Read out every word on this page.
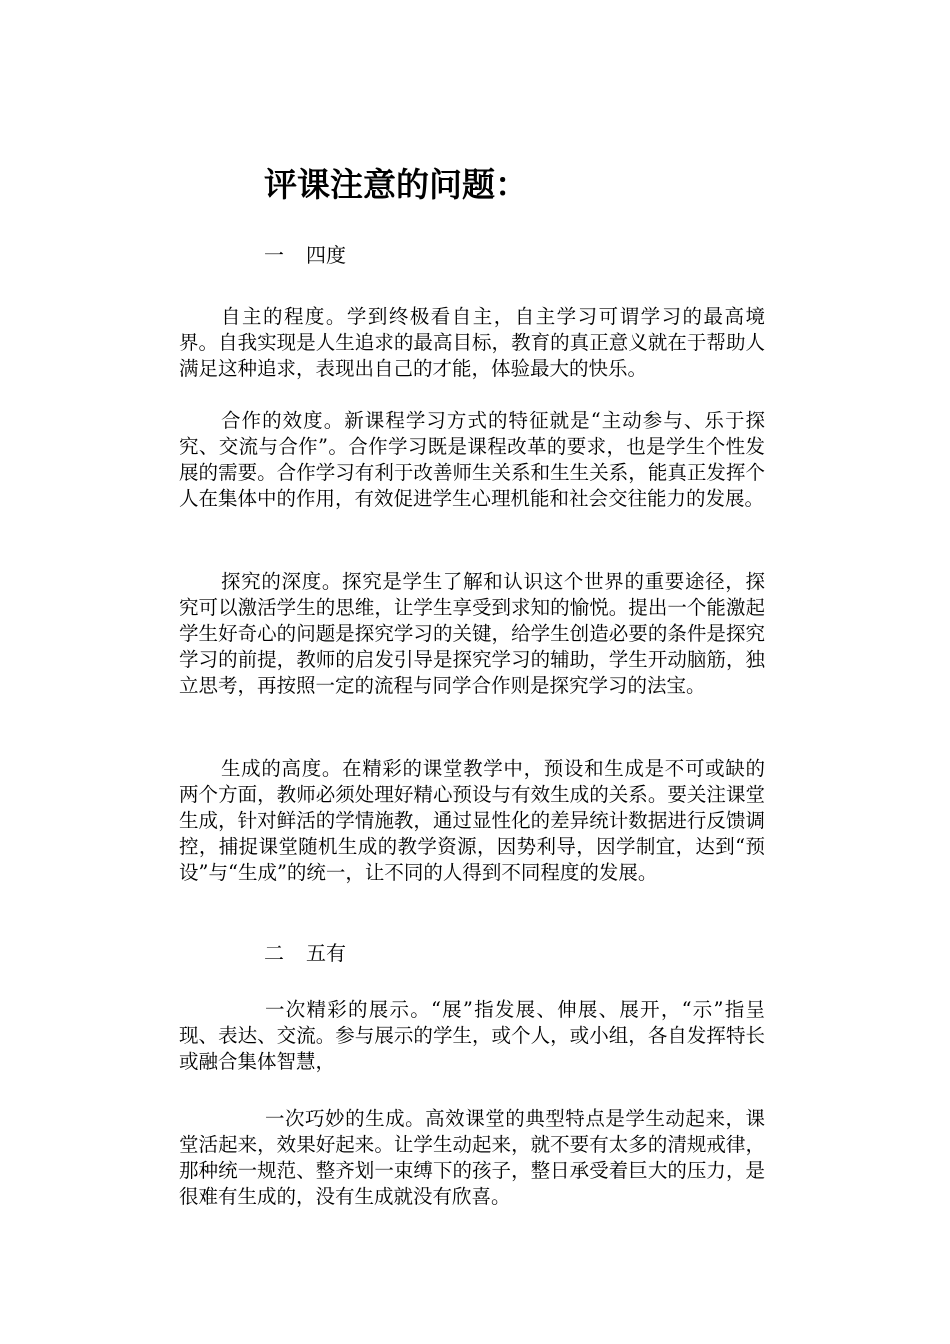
评课注意的问题：
一 四度

自主的程度。学到终极看自主，自主学习可谓学习的最高境界。自我实现是人生追求的最高目标，教育的真正意义就在于帮助人满足这种追求，表现出自己的才能，体验最大的快乐。

合作的效度。新课程学习方式的特征就是“主动参与、乐于探究、交流与合作”。合作学习既是课程改革的要求，也是学生个性发展的需要。合作学习有利于改善师生关系和生生关系，能真正发挥个人在集体中的作用，有效促进学生心理机能和社会交往能力的发展。

探究的深度。探究是学生了解和认识这个世界的重要途径，探究可以激活学生的思维，让学生享受到求知的愉悦。提出一个能激起学生好奇心的问题是探究学习的关键，给学生创造必要的条件是探究学习的前提，教师的启发引导是探究学习的辅助，学生开动脑筋，独立思考，再按照一定的流程与同学合作则是探究学习的法宝。

生成的高度。在精彩的课堂教学中，预设和生成是不可或缺的两个方面，教师必须处理好精心预设与有效生成的关系。要关注课堂生成，针对鲜活的学情施教，通过显性化的差异统计数据进行反馈调控，捕捉课堂随机生成的教学资源，因势利导，因学制宜，达到“预设”与“生成”的统一，让不同的人得到不同程度的发展。

二 五有

一次精彩的展示。“展”指发展、伸展、展开，“示”指呈现、表达、交流。参与展示的学生，或个人，或小组，各自发挥特长或融合集体智慧，

一次巧妙的生成。高效课堂的典型特点是学生动起来，课堂活起来，效果好起来。让学生动起来，就不要有太多的清规戒律，那种统一规范、整齐划一束缚下的孩子，整日承受着巨大的压力，是很难有生成的，没有生成就没有欣喜。
